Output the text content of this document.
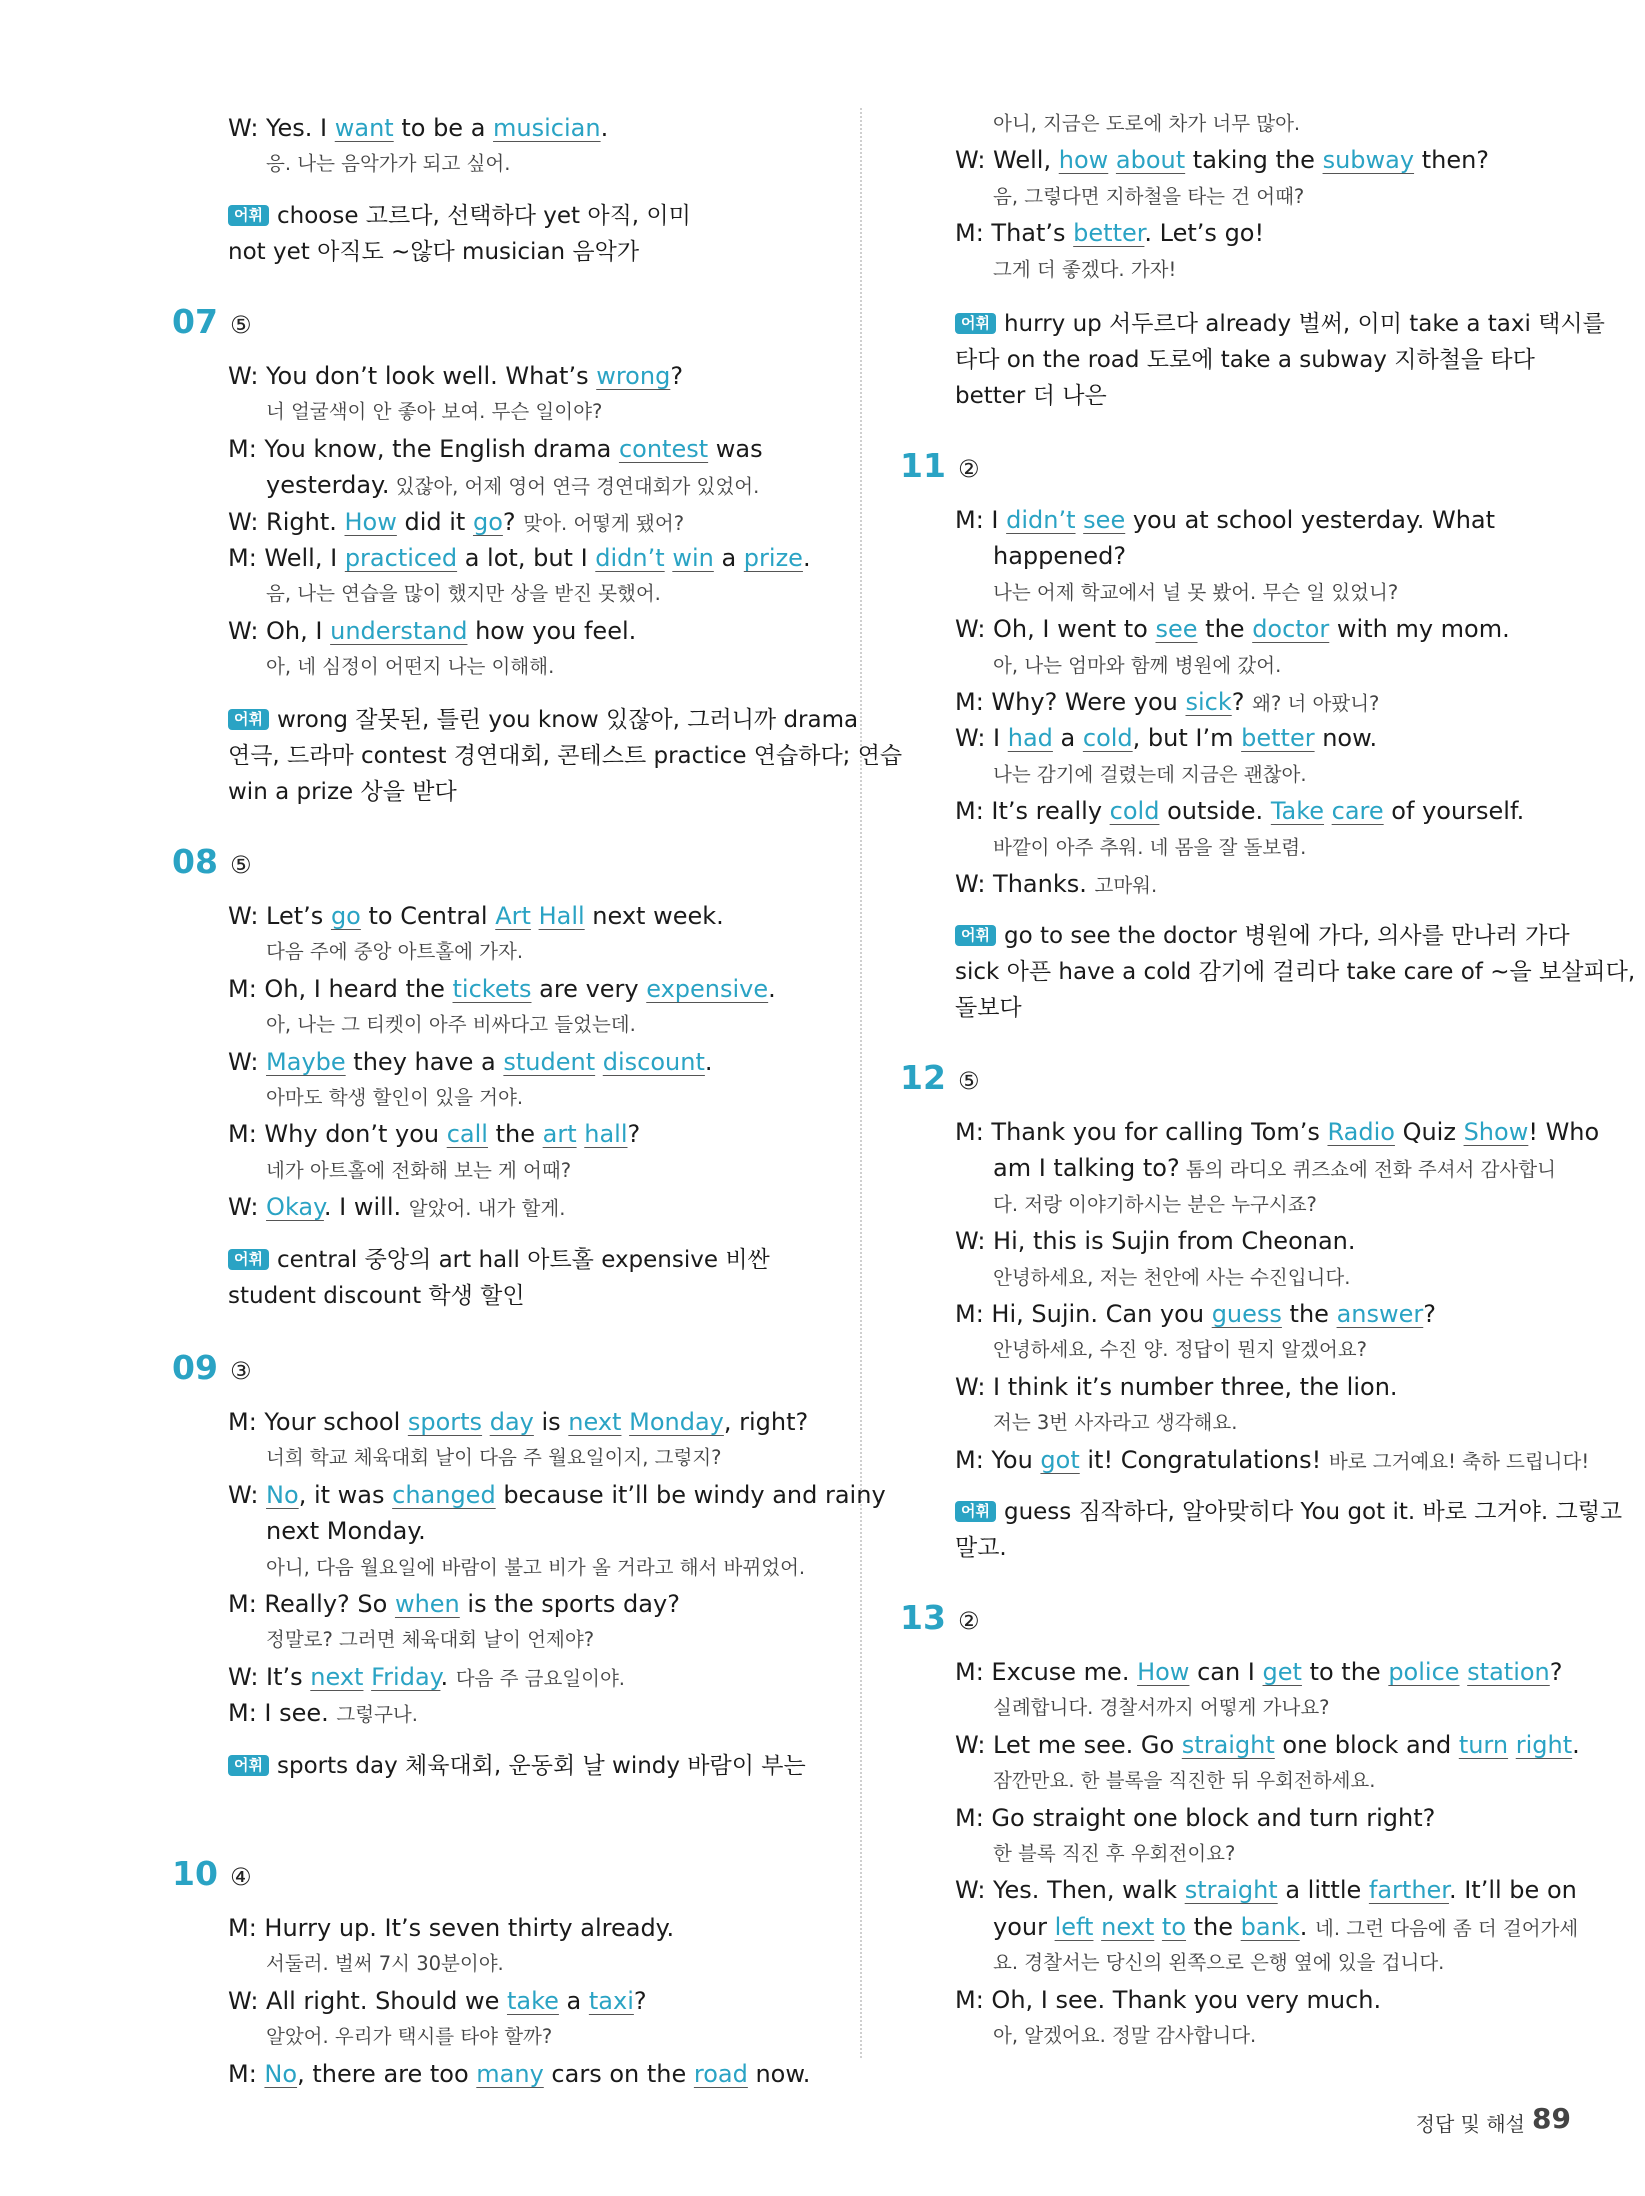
W: Yes. I want to be a musician.
응. 나는 음악가가 되고 싶어.
어휘 choose 고르다, 선택하다 yet 아직, 이미
not yet 아직도 ~않다 musician 음악가
07 ⑤
W: You don’t look well. What’s wrong?
너 얼굴색이 안 좋아 보여. 무슨 일이야?
M: You know, the English drama contest was
yesterday. 있잖아, 어제 영어 연극 경연대회가 있었어.
W: Right. How did it go? 맞아. 어떻게 됐어?
M: Well, I practiced a lot, but I didn’t win a prize.
음, 나는 연습을 많이 했지만 상을 받진 못했어.
W: Oh, I understand how you feel.
아, 네 심정이 어떤지 나는 이해해.
어휘 wrong 잘못된, 틀린 you know 있잖아, 그러니까 drama
연극, 드라마 contest 경연대회, 콘테스트 practice 연습하다; 연습
win a prize 상을 받다
08 ⑤
W: Let’s go to Central Art Hall next week.
다음 주에 중앙 아트홀에 가자.
M: Oh, I heard the tickets are very expensive.
아, 나는 그 티켓이 아주 비싸다고 들었는데.
W: Maybe they have a student discount.
아마도 학생 할인이 있을 거야.
M: Why don’t you call the art hall?
네가 아트홀에 전화해 보는 게 어때?
W: Okay. I will. 알았어. 내가 할게.
어휘 central 중앙의 art hall 아트홀 expensive 비싼
student discount 학생 할인
09 ③
M: Your school sports day is next Monday, right?
너희 학교 체육대회 날이 다음 주 월요일이지, 그렇지?
W: No, it was changed because it’ll be windy and rainy
next Monday.
아니, 다음 월요일에 바람이 불고 비가 올 거라고 해서 바뀌었어.
M: Really? So when is the sports day?
정말로? 그러면 체육대회 날이 언제야?
W: It’s next Friday. 다음 주 금요일이야.
M: I see. 그렇구나.
어휘 sports day 체육대회, 운동회 날 windy 바람이 부는
10 ④
M: Hurry up. It’s seven thirty already.
서둘러. 벌써 7시 30분이야.
W: All right. Should we take a taxi?
알았어. 우리가 택시를 타야 할까?
M: No, there are too many cars on the road now.
아니, 지금은 도로에 차가 너무 많아.
W: Well, how about taking the subway then?
음, 그렇다면 지하철을 타는 건 어때?
M: That’s better. Let’s go!
그게 더 좋겠다. 가자!
어휘 hurry up 서두르다 already 벌써, 이미 take a taxi 택시를
타다 on the road 도로에 take a subway 지하철을 타다
better 더 나은
11 ②
M: I didn’t see you at school yesterday. What
happened?
나는 어제 학교에서 널 못 봤어. 무슨 일 있었니?
W: Oh, I went to see the doctor with my mom.
아, 나는 엄마와 함께 병원에 갔어.
M: Why? Were you sick? 왜? 너 아팠니?
W: I had a cold, but I’m better now.
나는 감기에 걸렸는데 지금은 괜찮아.
M: It’s really cold outside. Take care of yourself.
바깥이 아주 추워. 네 몸을 잘 돌보렴.
W: Thanks. 고마워.
어휘 go to see the doctor 병원에 가다, 의사를 만나러 가다
sick 아픈 have a cold 감기에 걸리다 take care of ~을 보살피다,
돌보다
12 ⑤
M: Thank you for calling Tom’s Radio Quiz Show! Who
am I talking to? 톰의 라디오 퀴즈쇼에 전화 주셔서 감사합니
다. 저랑 이야기하시는 분은 누구시죠?
W: Hi, this is Sujin from Cheonan.
안녕하세요, 저는 천안에 사는 수진입니다.
M: Hi, Sujin. Can you guess the answer?
안녕하세요, 수진 양. 정답이 뭔지 알겠어요?
W: I think it’s number three, the lion.
저는 3번 사자라고 생각해요.
M: You got it! Congratulations! 바로 그거예요! 축하 드립니다!
어휘 guess 짐작하다, 알아맞히다 You got it. 바로 그거야. 그렇고
말고.
13 ②
M: Excuse me. How can I get to the police station?
실례합니다. 경찰서까지 어떻게 가나요?
W: Let me see. Go straight one block and turn right.
잠깐만요. 한 블록을 직진한 뒤 우회전하세요.
M: Go straight one block and turn right?
한 블록 직진 후 우회전이요?
W: Yes. Then, walk straight a little farther. It’ll be on
your left next to the bank. 네. 그런 다음에 좀 더 걸어가세
요. 경찰서는 당신의 왼쪽으로 은행 옆에 있을 겁니다.
M: Oh, I see. Thank you very much.
아, 알겠어요. 정말 감사합니다.
정답 및 해설 89
